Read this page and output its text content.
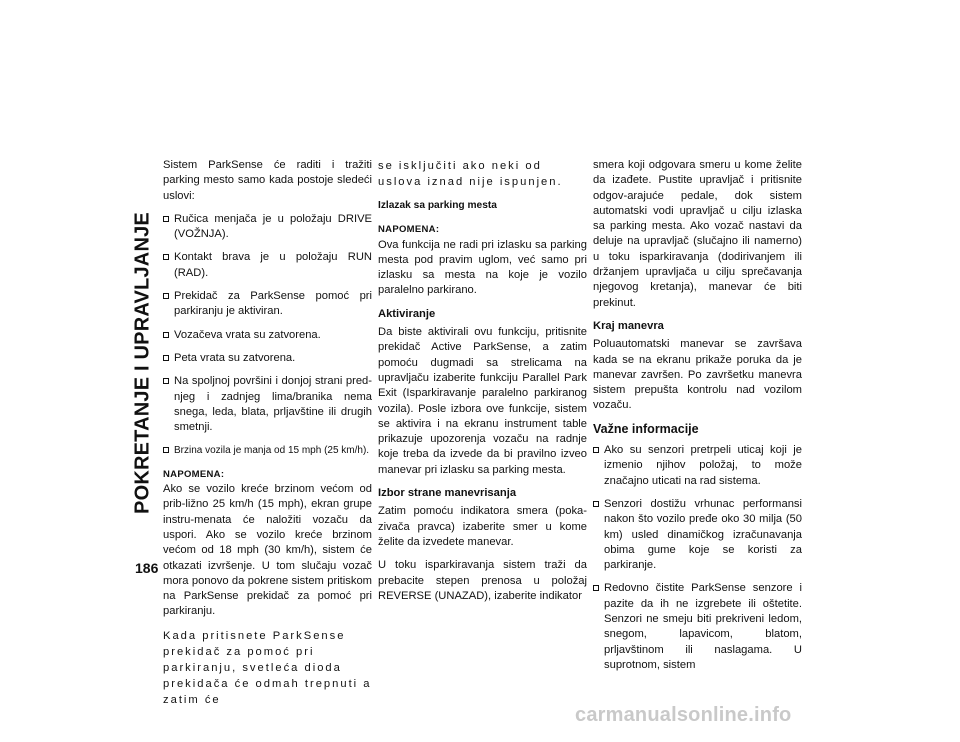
POKRETANJE I UPRAVLJANJE
186

Sistem ParkSense će raditi i tražiti parking mesto samo kada postoje sledeći uslovi:

Ručica menjača je u položaju DRIVE (VOŽNJA).
Kontakt brava je u položaju RUN (RAD).
Prekidač za ParkSense pomoć pri parkiranju je aktiviran.
Vozačeva vrata su zatvorena.
Peta vrata su zatvorena.
Na spoljnoj površini i donjoj strani pred-njeg i zadnjeg lima/branika nema snega, leda, blata, prljavštine ili drugih smetnji.
Brzina vozila je manja od 15 mph (25 km/h).
NAPOMENA:

Ako se vozilo kreće brzinom većom od prib-ližno 25 km/h (15 mph), ekran grupe instru-menata će naložiti vozaču da uspori. Ako se vozilo kreće brzinom većom od 18 mph (30 km/h), sistem će otkazati izvršenje. U tom slučaju vozač mora ponovo da pokrene sistem pritiskom na ParkSense prekidač za pomoć pri parkiranju.

Kada pritisnete ParkSense prekidač za pomoć pri parkiranju, svetleća dioda prekidača će odmah trepnuti a zatim će

se isključiti ako neki od uslova iznad nije ispunjen.

Izlazak sa parking mesta
NAPOMENA:

Ova funkcija ne radi pri izlasku sa parking mesta pod pravim uglom, već samo pri izlasku sa mesta na koje je vozilo paralelno parkirano.

Aktiviranje

Da biste aktivirali ovu funkciju, pritisnite prekidač Active ParkSense, a zatim pomoću dugmadi sa strelicama na upravljaču izaberite funkciju Parallel Park Exit (Isparkiravanje paralelno parkiranog vozila). Posle izbora ove funkcije, sistem se aktivira i na ekranu instrument table prikazuje upozorenja vozaču na radnje koje treba da izvede da bi pravilno izveo manevar pri izlasku sa parking mesta.

Izbor strane manevrisanja

Zatim pomoću indikatora smera (poka-zivača pravca) izaberite smer u kome želite da izvedete manevar.

U toku isparkiravanja sistem traži da prebacite stepen prenosa u položaj REVERSE (UNAZAD), izaberite indikator

smera koji odgovara smeru u kome želite da izađete. Pustite upravljač i pritisnite odgov-arajuće pedale, dok sistem automatski vodi upravljač u cilju izlaska sa parking mesta. Ako vozač nastavi da deluje na upravljač (slučajno ili namerno) u toku isparkiravanja (dodirivanjem ili držanjem upravljača u cilju sprečavanja njegovog kretanja), manevar će biti prekinut.

Kraj manevra

Poluautomatski manevar se završava kada se na ekranu prikaže poruka da je manevar završen. Po završetku manevra sistem prepušta kontrolu nad vozilom vozaču.

Važne informacije
Ako su senzori pretrpeli uticaj koji je izmenio njihov položaj, to može značajno uticati na rad sistema.
Senzori dostižu vrhunac performansi nakon što vozilo pređe oko 30 milja (50 km) usled dinamičkog izračunavanja obima gume koje se koristi za parkiranje.
Redovno čistite ParkSense senzore i pazite da ih ne izgrebete ili oštetite. Senzori ne smeju biti prekriveni ledom, snegom, lapavicom, blatom, prljavštinom ili naslagama. U suprotnom, sistem
carmanualsonline.info
